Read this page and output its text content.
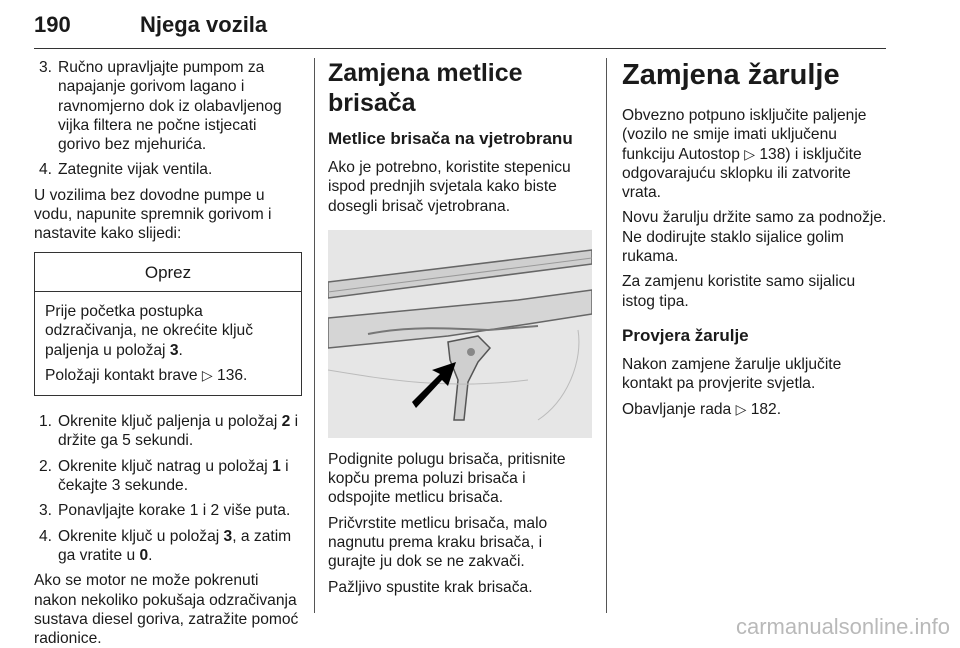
190	Njega vozila
3. Ručno upravljajte pumpom za napajanje gorivom lagano i ravnomjerno dok iz olabavljenog vijka filtera ne počne istjecati gorivo bez mjehurića.
4. Zategnite vijak ventila.

U vozilima bez dovodne pumpe u vodu, napunite spremnik gorivom i nastavite kako slijedi:

Oprez

Prije početka postupka odzračivanja, ne okrećite ključ paljenja u položaj 3.

Položaji kontakt brave ▷ 136.

1. Okrenite ključ paljenja u položaj 2 i držite ga 5 sekundi.
2. Okrenite ključ natrag u položaj 1 i čekajte 3 sekunde.
3. Ponavljajte korake 1 i 2 više puta.
4. Okrenite ključ u položaj 3, a zatim ga vratite u 0.

Ako se motor ne može pokrenuti nakon nekoliko pokušaja odzračivanja sustava diesel goriva, zatražite pomoć radionice.

Zamjena metlice brisača
Metlice brisača na vjetrobranu

Ako je potrebno, koristite stepenicu ispod prednjih svjetala kako biste dosegli brisač vjetrobrana.

Podignite polugu brisača, pritisnite kopču prema poluzi brisača i odspojite metlicu brisača.

Pričvrstite metlicu brisača, malo nagnutu prema kraku brisača, i gurajte ju dok se ne zakvači.

Pažljivo spustite krak brisača.

Zamjena žarulje

Obvezno potpuno isključite paljenje (vozilo ne smije imati uključenu funkciju Autostop ▷ 138) i isključite odgovarajuću sklopku ili zatvorite vrata.

Novu žarulju držite samo za podnožje. Ne dodirujte staklo sijalice golim rukama.

Za zamjenu koristite samo sijalicu istog tipa.

Provjera žarulje

Nakon zamjene žarulje uključite kontakt pa provjerite svjetla.

Obavljanje rada ▷ 182.

carmanualsonline.info
